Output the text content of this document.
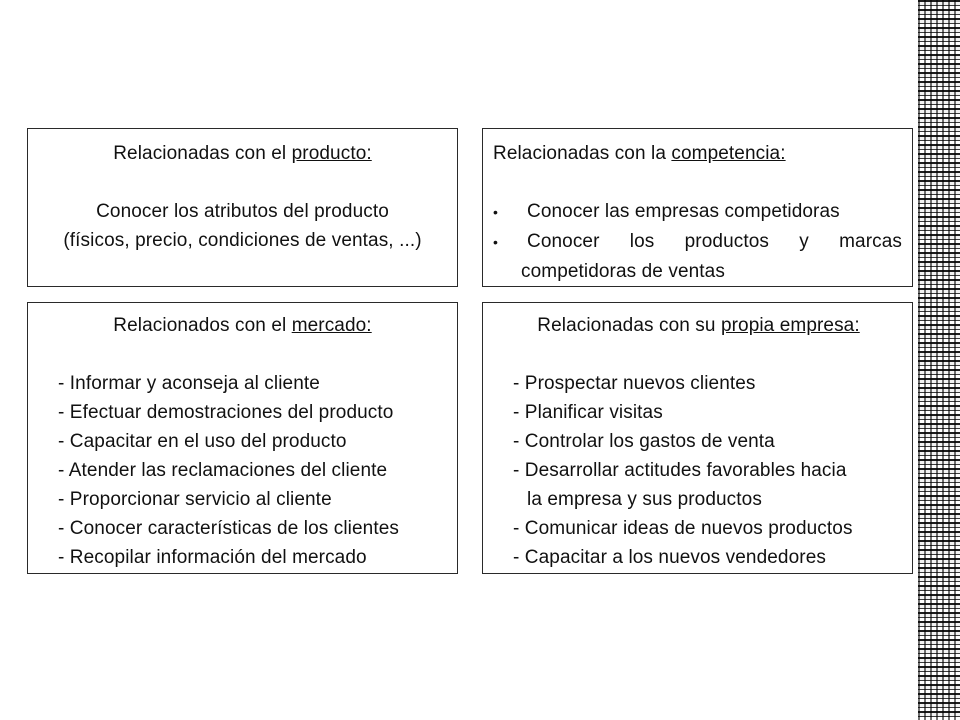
Relacionadas con el producto:
Conocer los atributos del producto
(físicos, precio, condiciones de ventas, ...)
Relacionadas con la competencia:
•	Conocer las empresas competidoras
•	Conocer los productos y marcas
competidoras de ventas
Relacionados con el mercado:
- Informar y aconseja al cliente
- Efectuar demostraciones del producto
- Capacitar en el uso del producto
- Atender las reclamaciones del cliente
- Proporcionar servicio al cliente
- Conocer características de los clientes
- Recopilar información del mercado
Relacionadas con su propia empresa:
- Prospectar nuevos clientes
- Planificar visitas
- Controlar los gastos de venta
- Desarrollar actitudes favorables hacia
la empresa y sus productos
- Comunicar ideas de nuevos productos
- Capacitar a los nuevos vendedores
